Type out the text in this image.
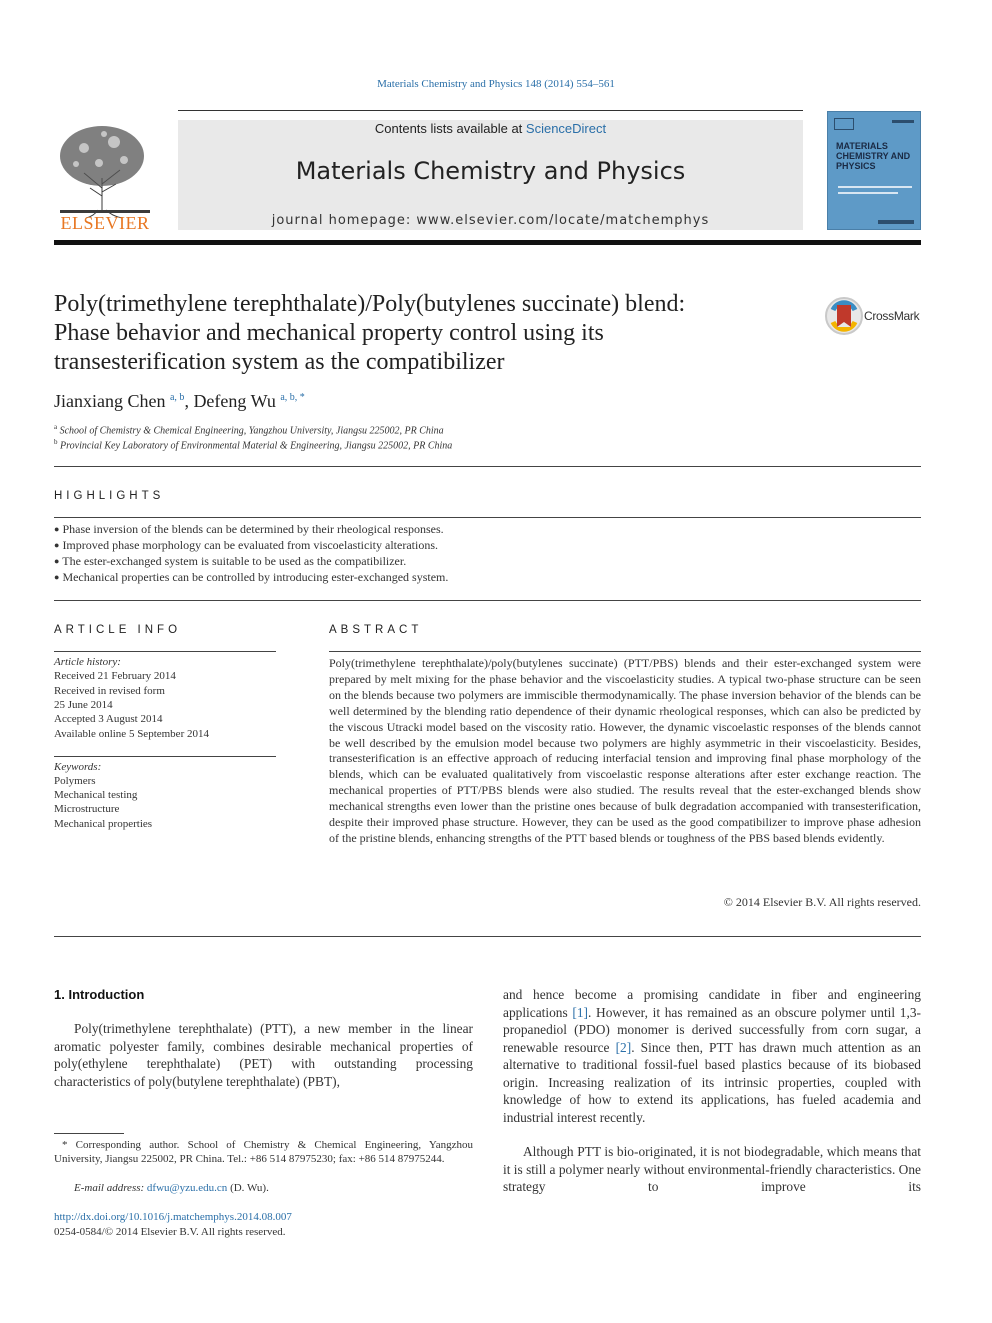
Materials Chemistry and Physics 148 (2014) 554–561
ELSEVIER
Contents lists available at ScienceDirect
Materials Chemistry and Physics
journal homepage: www.elsevier.com/locate/matchemphys
MATERIALS CHEMISTRY AND PHYSICS
Poly(trimethylene terephthalate)/Poly(butylenes succinate) blend:
Phase behavior and mechanical property control using its
transesterification system as the compatibilizer
CrossMark
Jianxiang Chen $^{a, b}$, Defeng Wu $^{a, b, *}$
$^a$ School of Chemistry & Chemical Engineering, Yangzhou University, Jiangsu 225002, PR China
$^b$ Provincial Key Laboratory of Environmental Material & Engineering, Jiangsu 225002, PR China
HIGHLIGHTS
● Phase inversion of the blends can be determined by their rheological responses.
● Improved phase morphology can be evaluated from viscoelasticity alterations.
● The ester-exchanged system is suitable to be used as the compatibilizer.
● Mechanical properties can be controlled by introducing ester-exchanged system.
ARTICLE INFO
Article history:
Received 21 February 2014
Received in revised form
25 June 2014
Accepted 3 August 2014
Available online 5 September 2014
Keywords:
Polymers
Mechanical testing
Microstructure
Mechanical properties
ABSTRACT
Poly(trimethylene terephthalate)/poly(butylenes succinate) (PTT/PBS) blends and their ester-exchanged system were prepared by melt mixing for the phase behavior and the viscoelasticity studies. A typical two-phase structure can be seen on the blends because two polymers are immiscible thermodynamically. The phase inversion behavior of the blends can be well determined by the blending ratio dependence of their dynamic rheological responses, which can also be predicted by the viscous Utracki model based on the viscosity ratio. However, the dynamic viscoelastic responses of the blends cannot be well described by the emulsion model because two polymers are highly asymmetric in their viscoelasticity. Besides, transesterification is an effective approach of reducing interfacial tension and improving final phase morphology of the blends, which can be evaluated qualitatively from viscoelastic response alterations after ester exchange reaction. The mechanical properties of PTT/PBS blends were also studied. The results reveal that the ester-exchanged blends show mechanical strengths even lower than the pristine ones because of bulk degradation accompanied with transesterification, despite their improved phase structure. However, they can be used as the good compatibilizer to improve phase adhesion of the pristine blends, enhancing strengths of the PTT based blends or toughness of the PBS based blends evidently.
© 2014 Elsevier B.V. All rights reserved.
1. Introduction
Poly(trimethylene terephthalate) (PTT), a new member in the linear aromatic polyester family, combines desirable mechanical properties of poly(ethylene terephthalate) (PET) with outstanding processing characteristics of poly(butylene terephthalate) (PBT),
and hence become a promising candidate in fiber and engineering applications [1]. However, it has remained as an obscure polymer until 1,3-propanediol (PDO) monomer is derived successfully from corn sugar, a renewable resource [2]. Since then, PTT has drawn much attention as an alternative to traditional fossil-fuel based plastics because of its biobased origin. Increasing realization of its intrinsic properties, coupled with knowledge of how to extend its applications, has fueled academia and industrial interest recently.
Although PTT is bio-originated, it is not biodegradable, which means that it is still a polymer nearly without environmental-friendly characteristics. One strategy to improve its
* Corresponding author. School of Chemistry & Chemical Engineering, Yangzhou University, Jiangsu 225002, PR China. Tel.: +86 514 87975230; fax: +86 514 87975244.
E-mail address: dfwu@yzu.edu.cn (D. Wu).
http://dx.doi.org/10.1016/j.matchemphys.2014.08.007
0254-0584/© 2014 Elsevier B.V. All rights reserved.
